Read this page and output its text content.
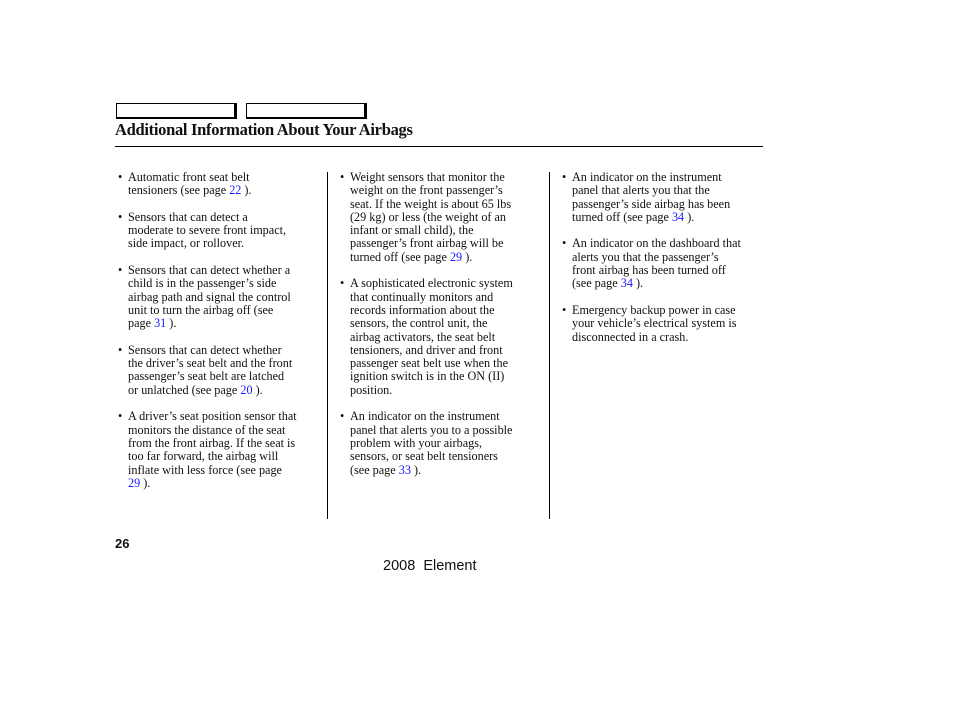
Additional Information About Your Airbags
• Automatic front seat belt
tensioners (see page 22 ).
• Sensors that can detect a
moderate to severe front impact,
side impact, or rollover.
• Sensors that can detect whether a
child is in the passenger’s side
airbag path and signal the control
unit to turn the airbag off (see
page 31 ).
• Sensors that can detect whether
the driver’s seat belt and the front
passenger’s seat belt are latched
or unlatched (see page 20 ).
• A driver’s seat position sensor that
monitors the distance of the seat
from the front airbag. If the seat is
too far forward, the airbag will
inflate with less force (see page
29 ).
• Weight sensors that monitor the
weight on the front passenger’s
seat. If the weight is about 65 lbs
(29 kg) or less (the weight of an
infant or small child), the
passenger’s front airbag will be
turned off (see page 29 ).
• A sophisticated electronic system
that continually monitors and
records information about the
sensors, the control unit, the
airbag activators, the seat belt
tensioners, and driver and front
passenger seat belt use when the
ignition switch is in the ON (II)
position.
• An indicator on the instrument
panel that alerts you to a possible
problem with your airbags,
sensors, or seat belt tensioners
(see page 33 ).
• An indicator on the instrument
panel that alerts you that the
passenger’s side airbag has been
turned off (see page 34 ).
• An indicator on the dashboard that
alerts you that the passenger’s
front airbag has been turned off
(see page 34 ).
• Emergency backup power in case
your vehicle’s electrical system is
disconnected in a crash.
26
2008  Element
